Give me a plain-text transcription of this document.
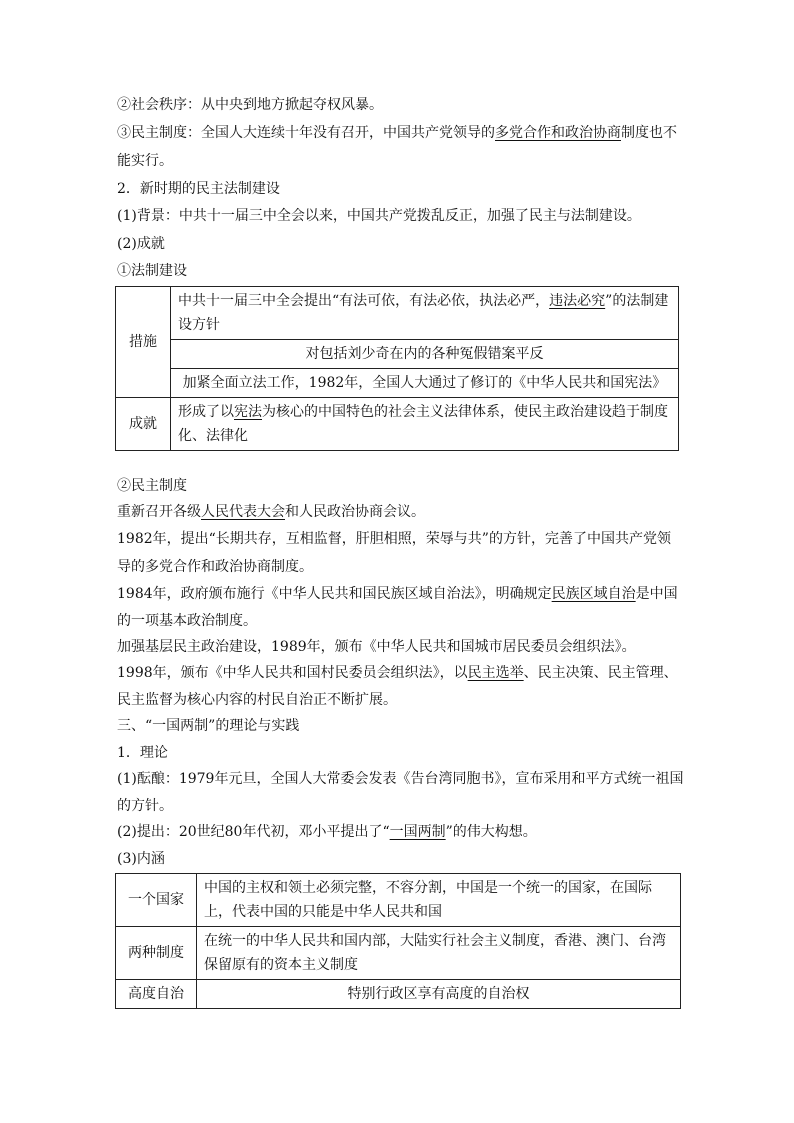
②社会秩序：从中央到地方掀起夺权风暴。
③民主制度：全国人大连续十年没有召开，中国共产党领导的多党合作和政治协商制度也不
能实行。
2．新时期的民主法制建设
(1)背景：中共十一届三中全会以来，中国共产党拨乱反正，加强了民主与法制建设。
(2)成就
①法制建设
措施	中共十一届三中全会提出“有法可依，有法必依，执法必严，违法必究”的法制建设方针
	对包括刘少奇在内的各种冤假错案平反
	加紧全面立法工作，1982年，全国人大通过了修订的《中华人民共和国宪法》
成就	形成了以宪法为核心的中国特色的社会主义法律体系，使民主政治建设趋于制度化、法律化
②民主制度
重新召开各级人民代表大会和人民政治协商会议。
1982年，提出“长期共存，互相监督，肝胆相照，荣辱与共”的方针，完善了中国共产党领
导的多党合作和政治协商制度。
1984年，政府颁布施行《中华人民共和国民族区域自治法》，明确规定民族区域自治是中国
的一项基本政治制度。
加强基层民主政治建设，1989年，颁布《中华人民共和国城市居民委员会组织法》。
1998年，颁布《中华人民共和国村民委员会组织法》，以民主选举、民主决策、民主管理、
民主监督为核心内容的村民自治正不断扩展。
三、“一国两制”的理论与实践
1．理论
(1)酝酿：1979年元旦，全国人大常委会发表《告台湾同胞书》，宣布采用和平方式统一祖国
的方针。
(2)提出：20世纪80年代初，邓小平提出了“一国两制”的伟大构想。
(3)内涵
一个国家	中国的主权和领土必须完整，不容分割，中国是一个统一的国家，在国际上，代表中国的只能是中华人民共和国
两种制度	在统一的中华人民共和国内部，大陆实行社会主义制度，香港、澳门、台湾保留原有的资本主义制度
高度自治	特别行政区享有高度的自治权
